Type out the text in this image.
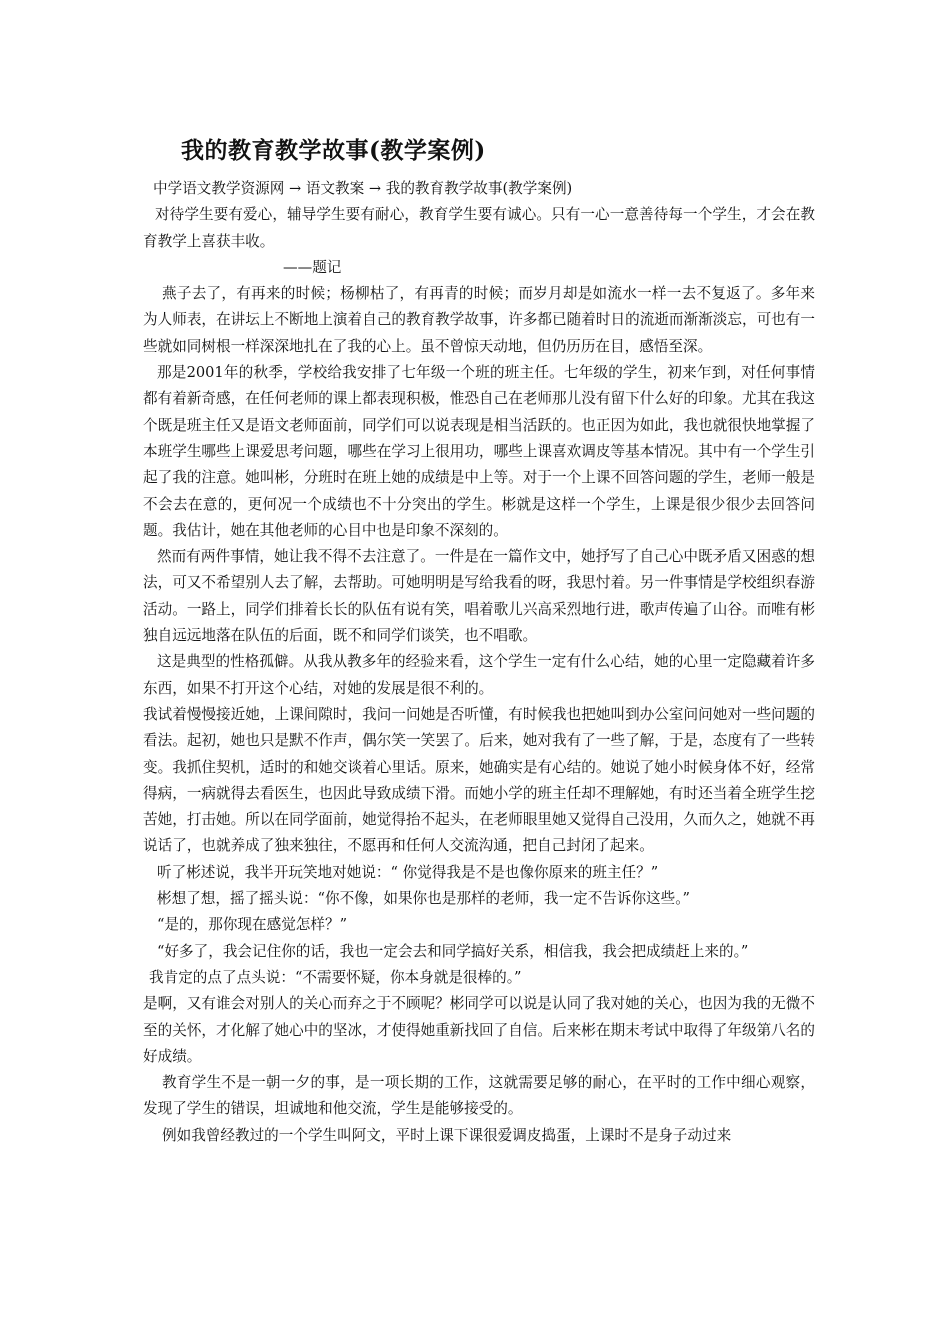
我的教育教学故事(教学案例)

中学语文教学资源网 → 语文教案 → 我的教育教学故事(教学案例)

对待学生要有爱心，辅导学生要有耐心，教育学生要有诚心。只有一心一意善待每一个学生，才会在教育教学上喜获丰收。

——题记

燕子去了，有再来的时候；杨柳枯了，有再青的时候；而岁月却是如流水一样一去不复返了。多年来为人师表，在讲坛上不断地上演着自己的教育教学故事，许多都已随着时日的流逝而渐渐淡忘，可也有一些就如同树根一样深深地扎在了我的心上。虽不曾惊天动地，但仍历历在目，感悟至深。

那是2001年的秋季，学校给我安排了七年级一个班的班主任。七年级的学生，初来乍到，对任何事情都有着新奇感，在任何老师的课上都表现积极，惟恐自己在老师那儿没有留下什么好的印象。尤其在我这个既是班主任又是语文老师面前，同学们可以说表现是相当活跃的。也正因为如此，我也就很快地掌握了本班学生哪些上课爱思考问题，哪些在学习上很用功，哪些上课喜欢调皮等基本情况。其中有一个学生引起了我的注意。她叫彬，分班时在班上她的成绩是中上等。对于一个上课不回答问题的学生，老师一般是不会去在意的，更何况一个成绩也不十分突出的学生。彬就是这样一个学生，上课是很少很少去回答问题。我估计，她在其他老师的心目中也是印象不深刻的。

然而有两件事情，她让我不得不去注意了。一件是在一篇作文中，她抒写了自己心中既矛盾又困惑的想法，可又不希望别人去了解，去帮助。可她明明是写给我看的呀，我思忖着。另一件事情是学校组织春游活动。一路上，同学们排着长长的队伍有说有笑，唱着歌儿兴高采烈地行进，歌声传遍了山谷。而唯有彬独自远远地落在队伍的后面，既不和同学们谈笑，也不唱歌。

这是典型的性格孤僻。从我从教多年的经验来看，这个学生一定有什么心结，她的心里一定隐藏着许多东西，如果不打开这个心结，对她的发展是很不利的。

我试着慢慢接近她，上课间隙时，我问一问她是否听懂，有时候我也把她叫到办公室问问她对一些问题的看法。起初，她也只是默不作声，偶尔笑一笑罢了。后来，她对我有了一些了解，于是，态度有了一些转变。我抓住契机，适时的和她交谈着心里话。原来，她确实是有心结的。她说了她小时候身体不好，经常得病，一病就得去看医生，也因此导致成绩下滑。而她小学的班主任却不理解她，有时还当着全班学生挖苦她，打击她。所以在同学面前，她觉得抬不起头，在老师眼里她又觉得自己没用，久而久之，她就不再说话了，也就养成了独来独往，不愿再和任何人交流沟通，把自己封闭了起来。

听了彬述说，我半开玩笑地对她说：“ 你觉得我是不是也像你原来的班主任？”

彬想了想，摇了摇头说：“你不像，如果你也是那样的老师，我一定不告诉你这些。”

“是的，那你现在感觉怎样？”

“好多了，我会记住你的话，我也一定会去和同学搞好关系，相信我，我会把成绩赶上来的。”

我肯定的点了点头说：“不需要怀疑，你本身就是很棒的。”

是啊，又有谁会对别人的关心而弃之于不顾呢？彬同学可以说是认同了我对她的关心，也因为我的无微不至的关怀，才化解了她心中的坚冰，才使得她重新找回了自信。后来彬在期末考试中取得了年级第八名的好成绩。

教育学生不是一朝一夕的事，是一项长期的工作，这就需要足够的耐心，在平时的工作中细心观察，发现了学生的错误，坦诚地和他交流，学生是能够接受的。

例如我曾经教过的一个学生叫阿文，平时上课下课很爱调皮捣蛋，上课时不是身子动过来
